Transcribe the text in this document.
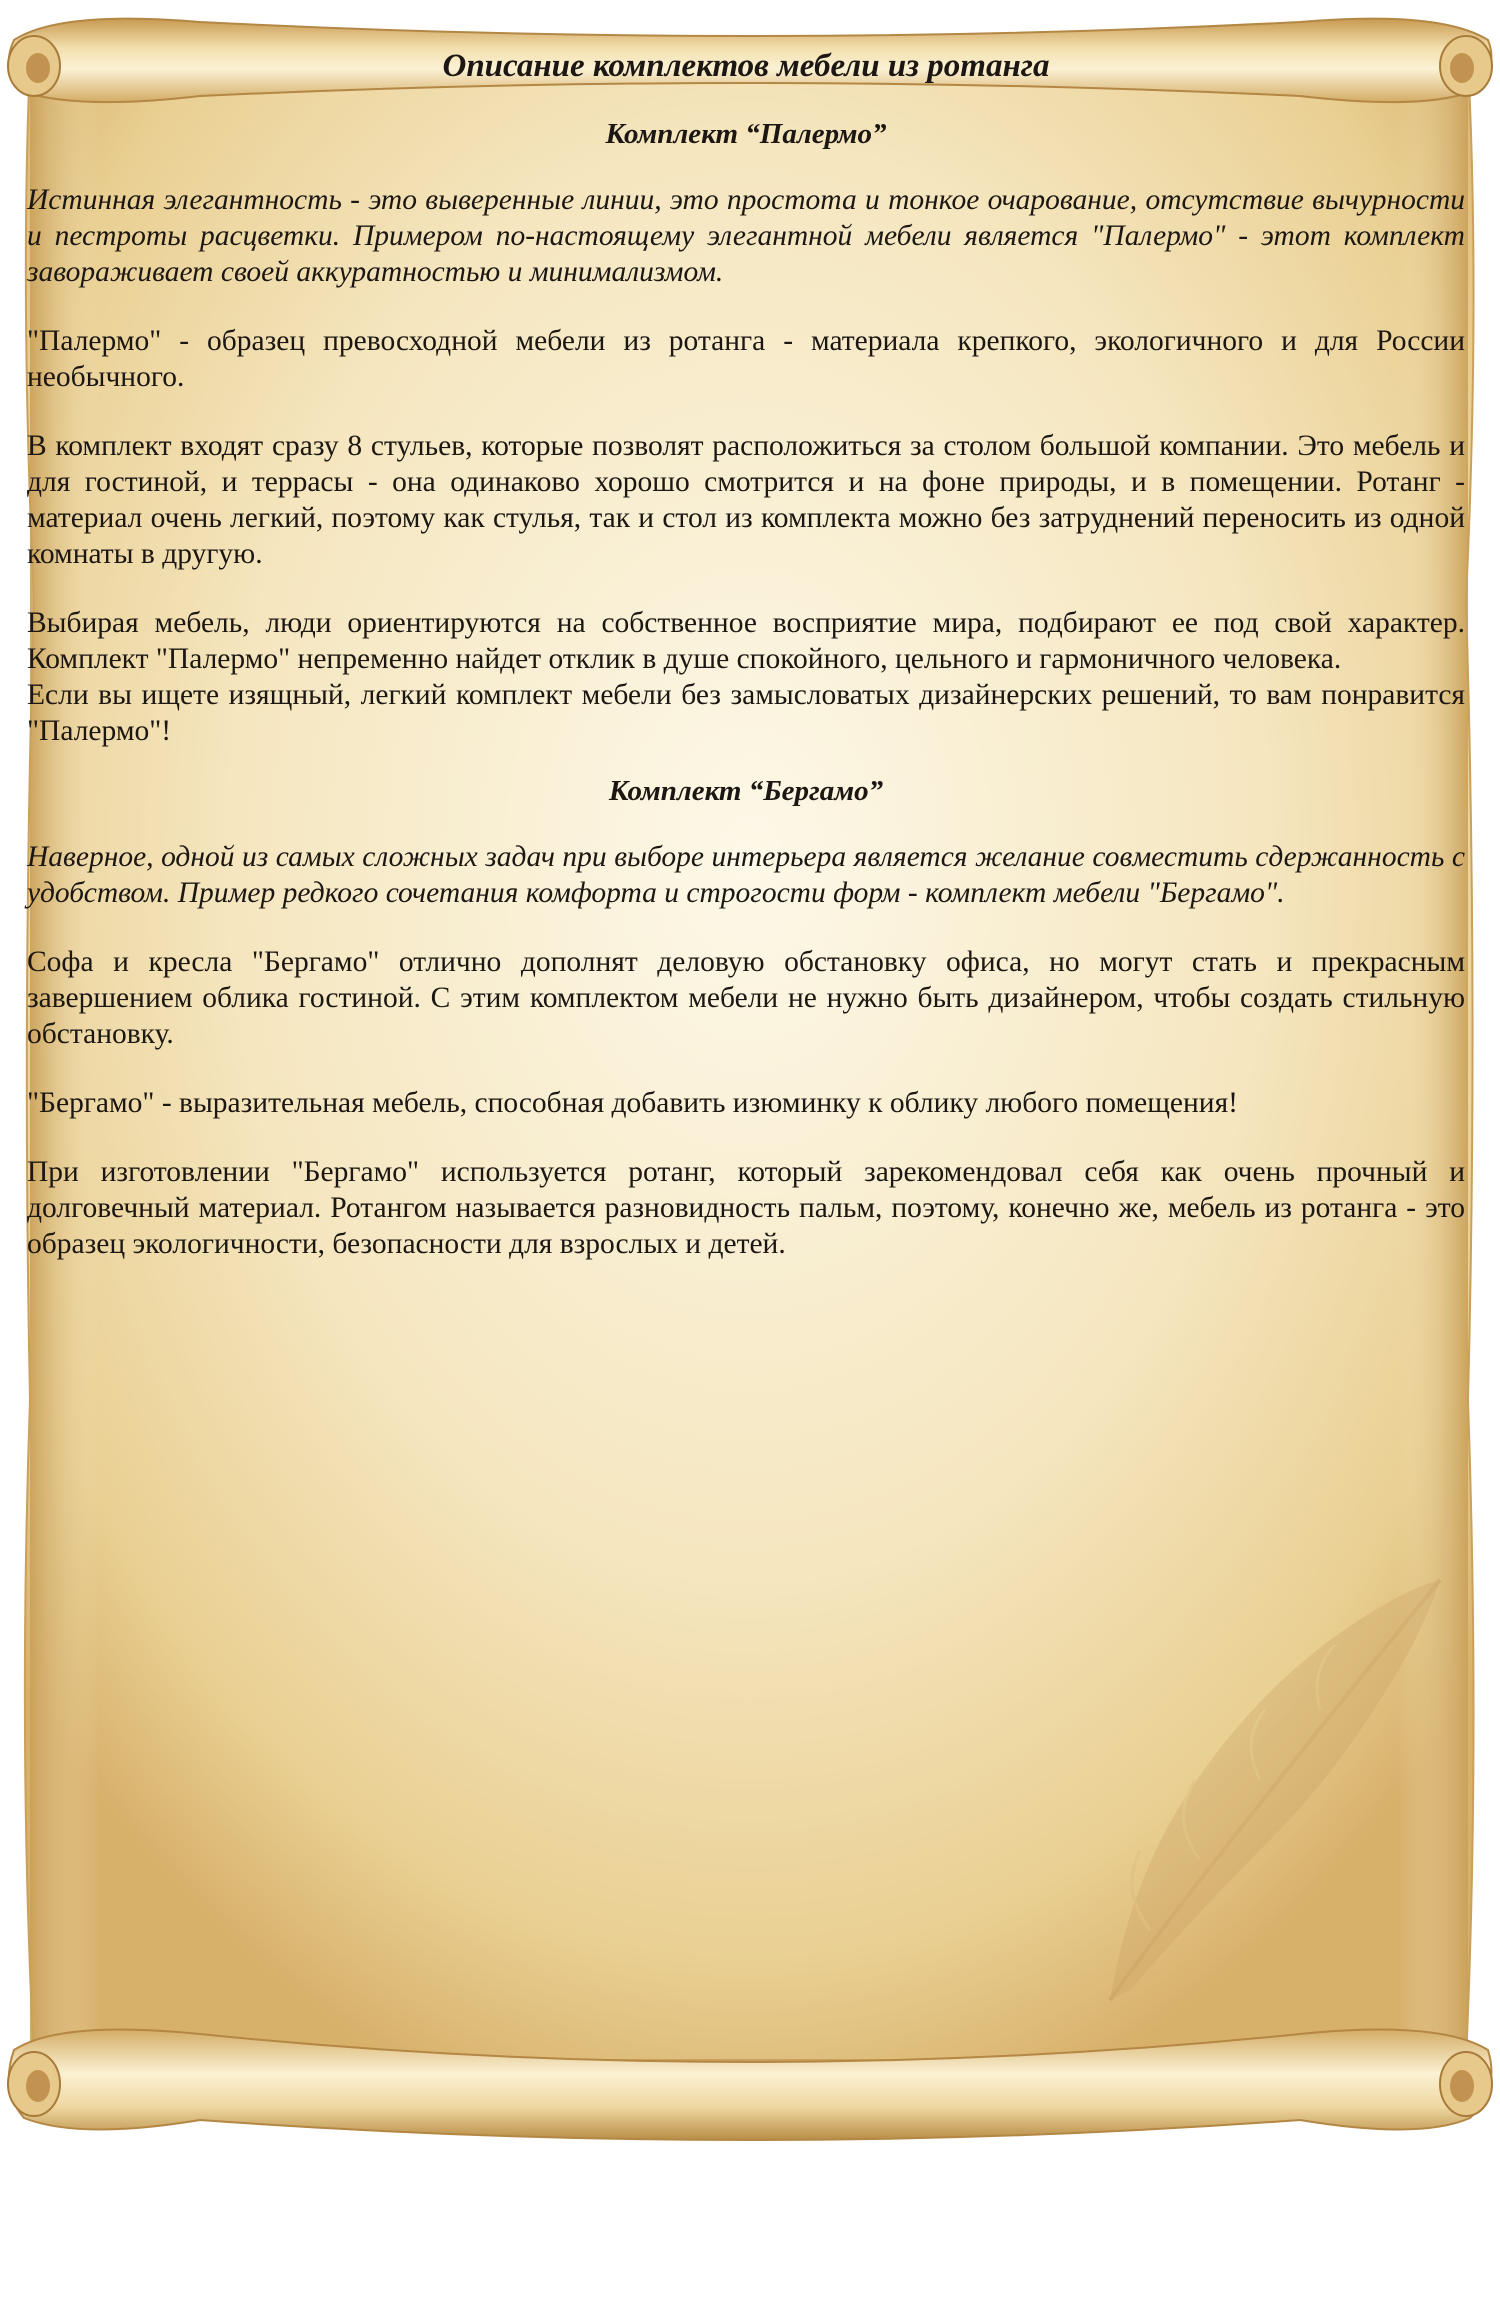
Описание комплектов мебели из ротанга
Комплект “Палермо”

Истинная элегантность - это выверенные линии, это простота и тонкое очарование, отсутствие вычурности и пестроты расцветки. Примером по-настоящему элегантной мебели является "Палермо" - этот комплект завораживает своей аккуратностью и минимализмом.

"Палермо" - образец превосходной мебели из ротанга - материала крепкого, экологичного и для России необычного.

В комплект входят сразу 8 стульев, которые позволят расположиться за столом большой компании. Это мебель и для гостиной, и террасы - она одинаково хорошо смотрится и на фоне природы, и в помещении. Ротанг - материал очень легкий, поэтому как стулья, так и стол из комплекта можно без затруднений переносить из одной комнаты в другую.

Выбирая мебель, люди ориентируются на собственное восприятие мира, подбирают ее под свой характер. Комплект "Палермо" непременно найдет отклик в душе спокойного, цельного и гармоничного человека.

Если вы ищете изящный, легкий комплект мебели без замысловатых дизайнерских решений, то вам понравится "Палермо"!

Комплект “Бергамо”

Наверное, одной из самых сложных задач при выборе интерьера является желание совместить сдержанность с удобством. Пример редкого сочетания комфорта и строгости форм - комплект мебели "Бергамо".

Софа и кресла "Бергамо" отлично дополнят деловую обстановку офиса, но могут стать и прекрасным завершением облика гостиной. С этим комплектом мебели не нужно быть дизайнером, чтобы создать стильную обстановку.

"Бергамо" - выразительная мебель, способная добавить изюминку к облику любого помещения!

При изготовлении "Бергамо" используется ротанг, который зарекомендовал себя как очень прочный и долговечный материал. Ротангом называется разновидность пальм, поэтому, конечно же, мебель из ротанга - это образец экологичности, безопасности для взрослых и детей.
